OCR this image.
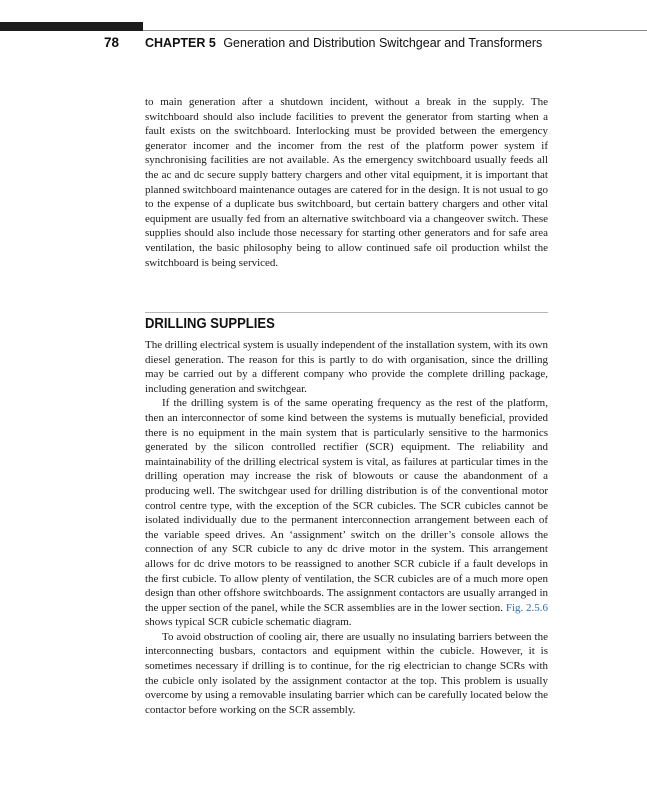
78 CHAPTER 5 Generation and Distribution Switchgear and Transformers

to main generation after a shutdown incident, without a break in the supply. The switchboard should also include facilities to prevent the generator from starting when a fault exists on the switchboard. Interlocking must be provided between the emergency generator incomer and the incomer from the rest of the platform power system if synchronising facilities are not available. As the emergency switchboard usually feeds all the ac and dc secure supply battery chargers and other vital equipment, it is important that planned switchboard maintenance outages are catered for in the design. It is not usual to go to the expense of a duplicate bus switchboard, but certain battery chargers and other vital equipment are usually fed from an alternative switchboard via a changeover switch. These supplies should also include those necessary for starting other generators and for safe area ventilation, the basic philosophy being to allow continued safe oil production whilst the switchboard is being serviced.

DRILLING SUPPLIES

The drilling electrical system is usually independent of the installation system, with its own diesel generation. The reason for this is partly to do with organisation, since the drilling may be carried out by a different company who provide the complete drilling package, including generation and switchgear.

If the drilling system is of the same operating frequency as the rest of the platform, then an interconnector of some kind between the systems is mutually beneficial, provided there is no equipment in the main system that is particularly sensitive to the harmonics generated by the silicon controlled rectifier (SCR) equipment. The reliability and maintainability of the drilling electrical system is vital, as failures at particular times in the drilling operation may increase the risk of blowouts or cause the abandonment of a producing well. The switchgear used for drilling distribution is of the conventional motor control centre type, with the exception of the SCR cubicles. The SCR cubicles cannot be isolated individually due to the permanent interconnection arrangement between each of the variable speed drives. An ‘assignment’ switch on the driller’s console allows the connection of any SCR cubicle to any dc drive motor in the system. This arrangement allows for dc drive motors to be reassigned to another SCR cubicle if a fault develops in the first cubicle. To allow plenty of ventilation, the SCR cubicles are of a much more open design than other offshore switchboards. The assignment contactors are usually arranged in the upper section of the panel, while the SCR assemblies are in the lower section. Fig. 2.5.6 shows typical SCR cubicle schematic diagram.

To avoid obstruction of cooling air, there are usually no insulating barriers between the interconnecting busbars, contactors and equipment within the cubicle. However, it is sometimes necessary if drilling is to continue, for the rig electrician to change SCRs with the cubicle only isolated by the assignment contactor at the top. This problem is usually overcome by using a removable insulating barrier which can be carefully located below the contactor before working on the SCR assembly.
